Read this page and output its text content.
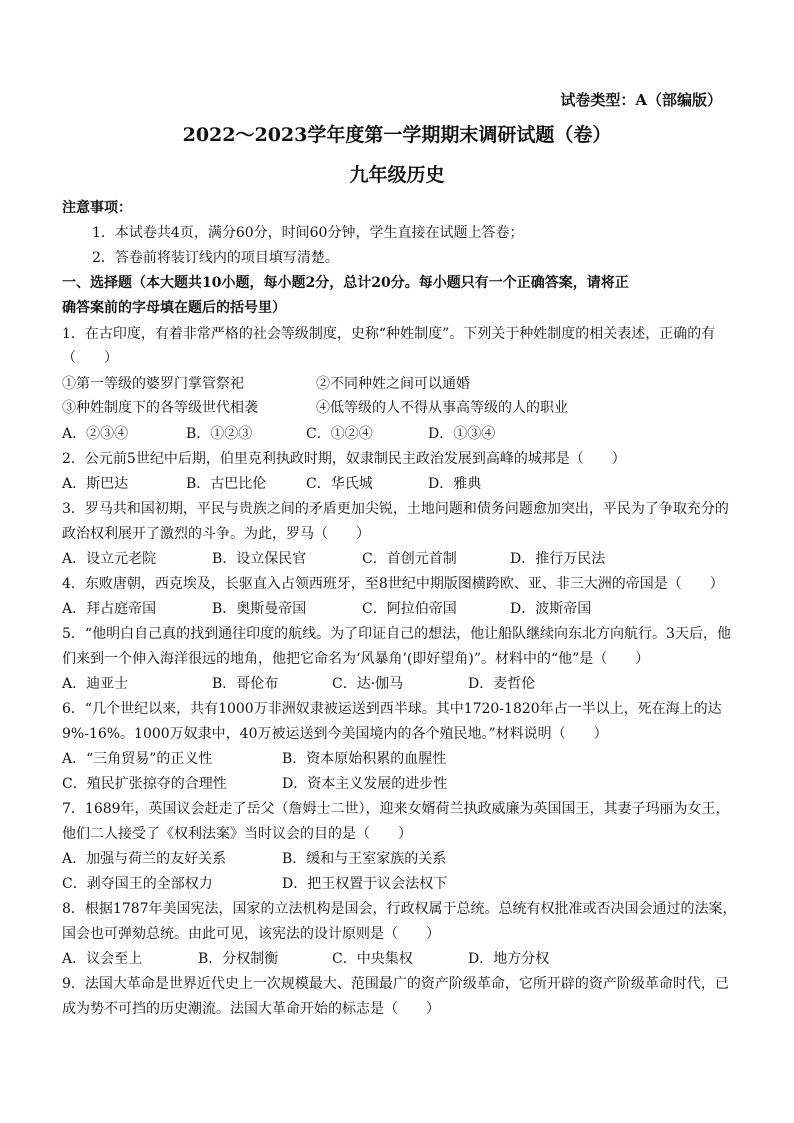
试卷类型：A（部编版）
2022～2023学年度第一学期期末调研试题（卷）
九年级历史
注意事项：
1．本试卷共4页，满分60分，时间60分钟，学生直接在试题上答卷；
2．答卷前将装订线内的项目填写清楚。
一、选择题（本大题共10小题，每小题2分，总计20分。每小题只有一个正确答案，请将正
确答案前的字母填在题后的括号里）
1．在古印度，有着非常严格的社会等级制度，史称“种姓制度”。下列关于种姓制度的相关表述，正确的有
（　　）
①第一等级的婆罗门掌管祭祀	②不同种姓之间可以通婚
③种姓制度下的各等级世代相袭	④低等级的人不得从事高等级的人的职业
A．②③④	B．①②③	C．①②④	D．①③④
2．公元前5世纪中后期，伯里克利执政时期，奴隶制民主政治发展到高峰的城邦是（　　）
A．斯巴达	B．古巴比伦	C．华氏城	D．雅典
3．罗马共和国初期，平民与贵族之间的矛盾更加尖锐，土地问题和债务问题愈加突出，平民为了争取充分的
政治权利展开了激烈的斗争。为此，罗马（　　）
A．设立元老院	B．设立保民官	C．首创元首制	D．推行万民法
4．东败唐朝，西克埃及，长驱直入占领西班牙，至8世纪中期版图横跨欧、亚、非三大洲的帝国是（　　）
A．拜占庭帝国	B．奥斯曼帝国	C．阿拉伯帝国	D．波斯帝国
5．“他明白自己真的找到通往印度的航线。为了印证自己的想法，他让船队继续向东北方向航行。3天后，他
们来到一个伸入海洋很远的地角，他把它命名为‘风暴角’(即好望角)”。材料中的“他”是（　　）
A．迪亚士	B．哥伦布	C．达·伽马	D．麦哲伦
6．“几个世纪以来，共有1000万非洲奴隶被运送到西半球。其中1720-1820年占一半以上，死在海上的达
9%-16%。1000万奴隶中，40万被运送到今美国境内的各个殖民地。”材料说明（　　）
A．“三角贸易”的正义性	B．资本原始积累的血腥性
C．殖民扩张掠夺的合理性	D．资本主义发展的进步性
7．1689年，英国议会赶走了岳父（詹姆士二世），迎来女婿荷兰执政威廉为英国国王，其妻子玛丽为女王，
他们二人接受了《权利法案》当时议会的目的是（　　）
A．加强与荷兰的友好关系	B．缓和与王室家族的关系
C．剥夺国王的全部权力	D．把王权置于议会法权下
8．根据1787年美国宪法，国家的立法机构是国会，行政权属于总统。总统有权批准或否决国会通过的法案，
国会也可弹劾总统。由此可见，该宪法的设计原则是（　　）
A．议会至上	B．分权制衡	C．中央集权	D．地方分权
9．法国大革命是世界近代史上一次规模最大、范围最广的资产阶级革命，它所开辟的资产阶级革命时代，已
成为势不可挡的历史潮流。法国大革命开始的标志是（　　）
